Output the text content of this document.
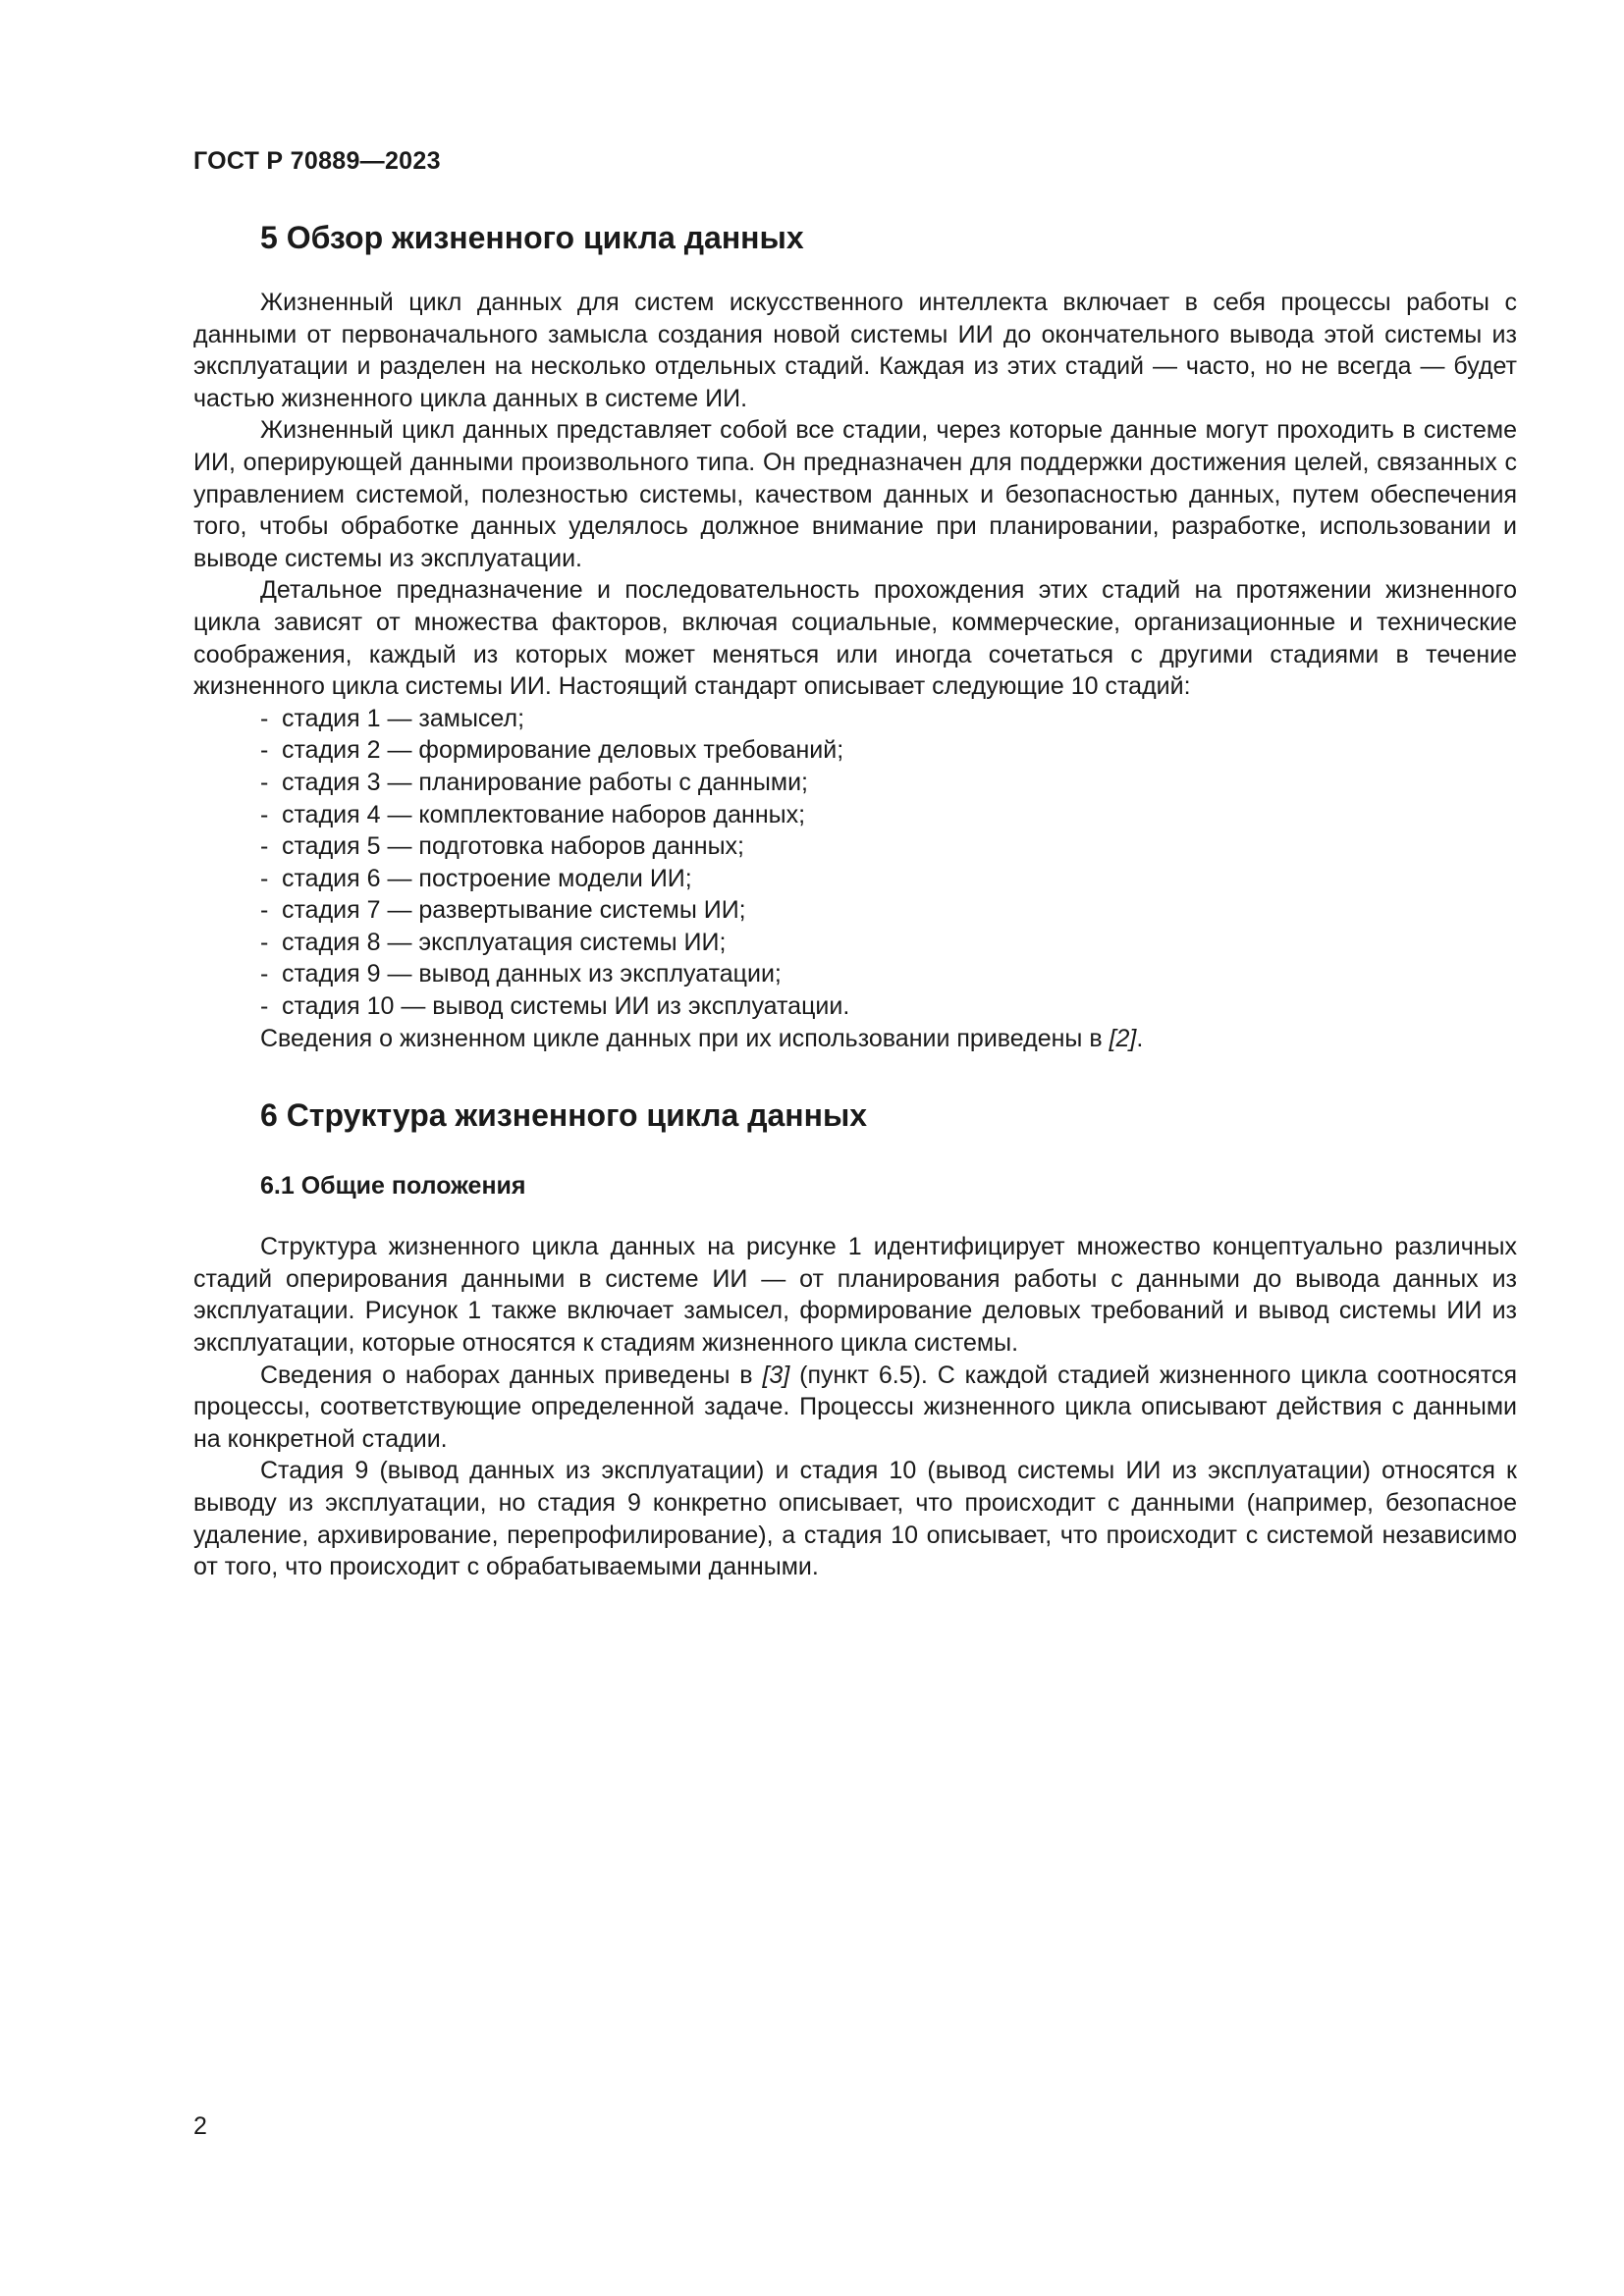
ГОСТ Р 70889—2023
5 Обзор жизненного цикла данных

Жизненный цикл данных для систем искусственного интеллекта включает в себя процессы работы с данными от первоначального замысла создания новой системы ИИ до окончательного вывода этой системы из эксплуатации и разделен на несколько отдельных стадий. Каждая из этих стадий — часто, но не всегда — будет частью жизненного цикла данных в системе ИИ.

Жизненный цикл данных представляет собой все стадии, через которые данные могут проходить в системе ИИ, оперирующей данными произвольного типа. Он предназначен для поддержки достижения целей, связанных с управлением системой, полезностью системы, качеством данных и безопасностью данных, путем обеспечения того, чтобы обработке данных уделялось должное внимание при планировании, разработке, использовании и выводе системы из эксплуатации.

Детальное предназначение и последовательность прохождения этих стадий на протяжении жизненного цикла зависят от множества факторов, включая социальные, коммерческие, организационные и технические соображения, каждый из которых может меняться или иногда сочетаться с другими стадиями в течение жизненного цикла системы ИИ. Настоящий стандарт описывает следующие 10 стадий:

- стадия 1 — замысел;
- стадия 2 — формирование деловых требований;
- стадия 3 — планирование работы с данными;
- стадия 4 — комплектование наборов данных;
- стадия 5 — подготовка наборов данных;
- стадия 6 — построение модели ИИ;
- стадия 7 — развертывание системы ИИ;
- стадия 8 — эксплуатация системы ИИ;
- стадия 9 — вывод данных из эксплуатации;
- стадия 10 — вывод системы ИИ из эксплуатации.

Сведения о жизненном цикле данных при их использовании приведены в [2].

6 Структура жизненного цикла данных
6.1 Общие положения

Структура жизненного цикла данных на рисунке 1 идентифицирует множество концептуально различных стадий оперирования данными в системе ИИ — от планирования работы с данными до вывода данных из эксплуатации. Рисунок 1 также включает замысел, формирование деловых требований и вывод системы ИИ из эксплуатации, которые относятся к стадиям жизненного цикла системы.

Сведения о наборах данных приведены в [3] (пункт 6.5). С каждой стадией жизненного цикла соотносятся процессы, соответствующие определенной задаче. Процессы жизненного цикла описывают действия с данными на конкретной стадии.

Стадия 9 (вывод данных из эксплуатации) и стадия 10 (вывод системы ИИ из эксплуатации) относятся к выводу из эксплуатации, но стадия 9 конкретно описывает, что происходит с данными (например, безопасное удаление, архивирование, перепрофилирование), а стадия 10 описывает, что происходит с системой независимо от того, что происходит с обрабатываемыми данными.

2
